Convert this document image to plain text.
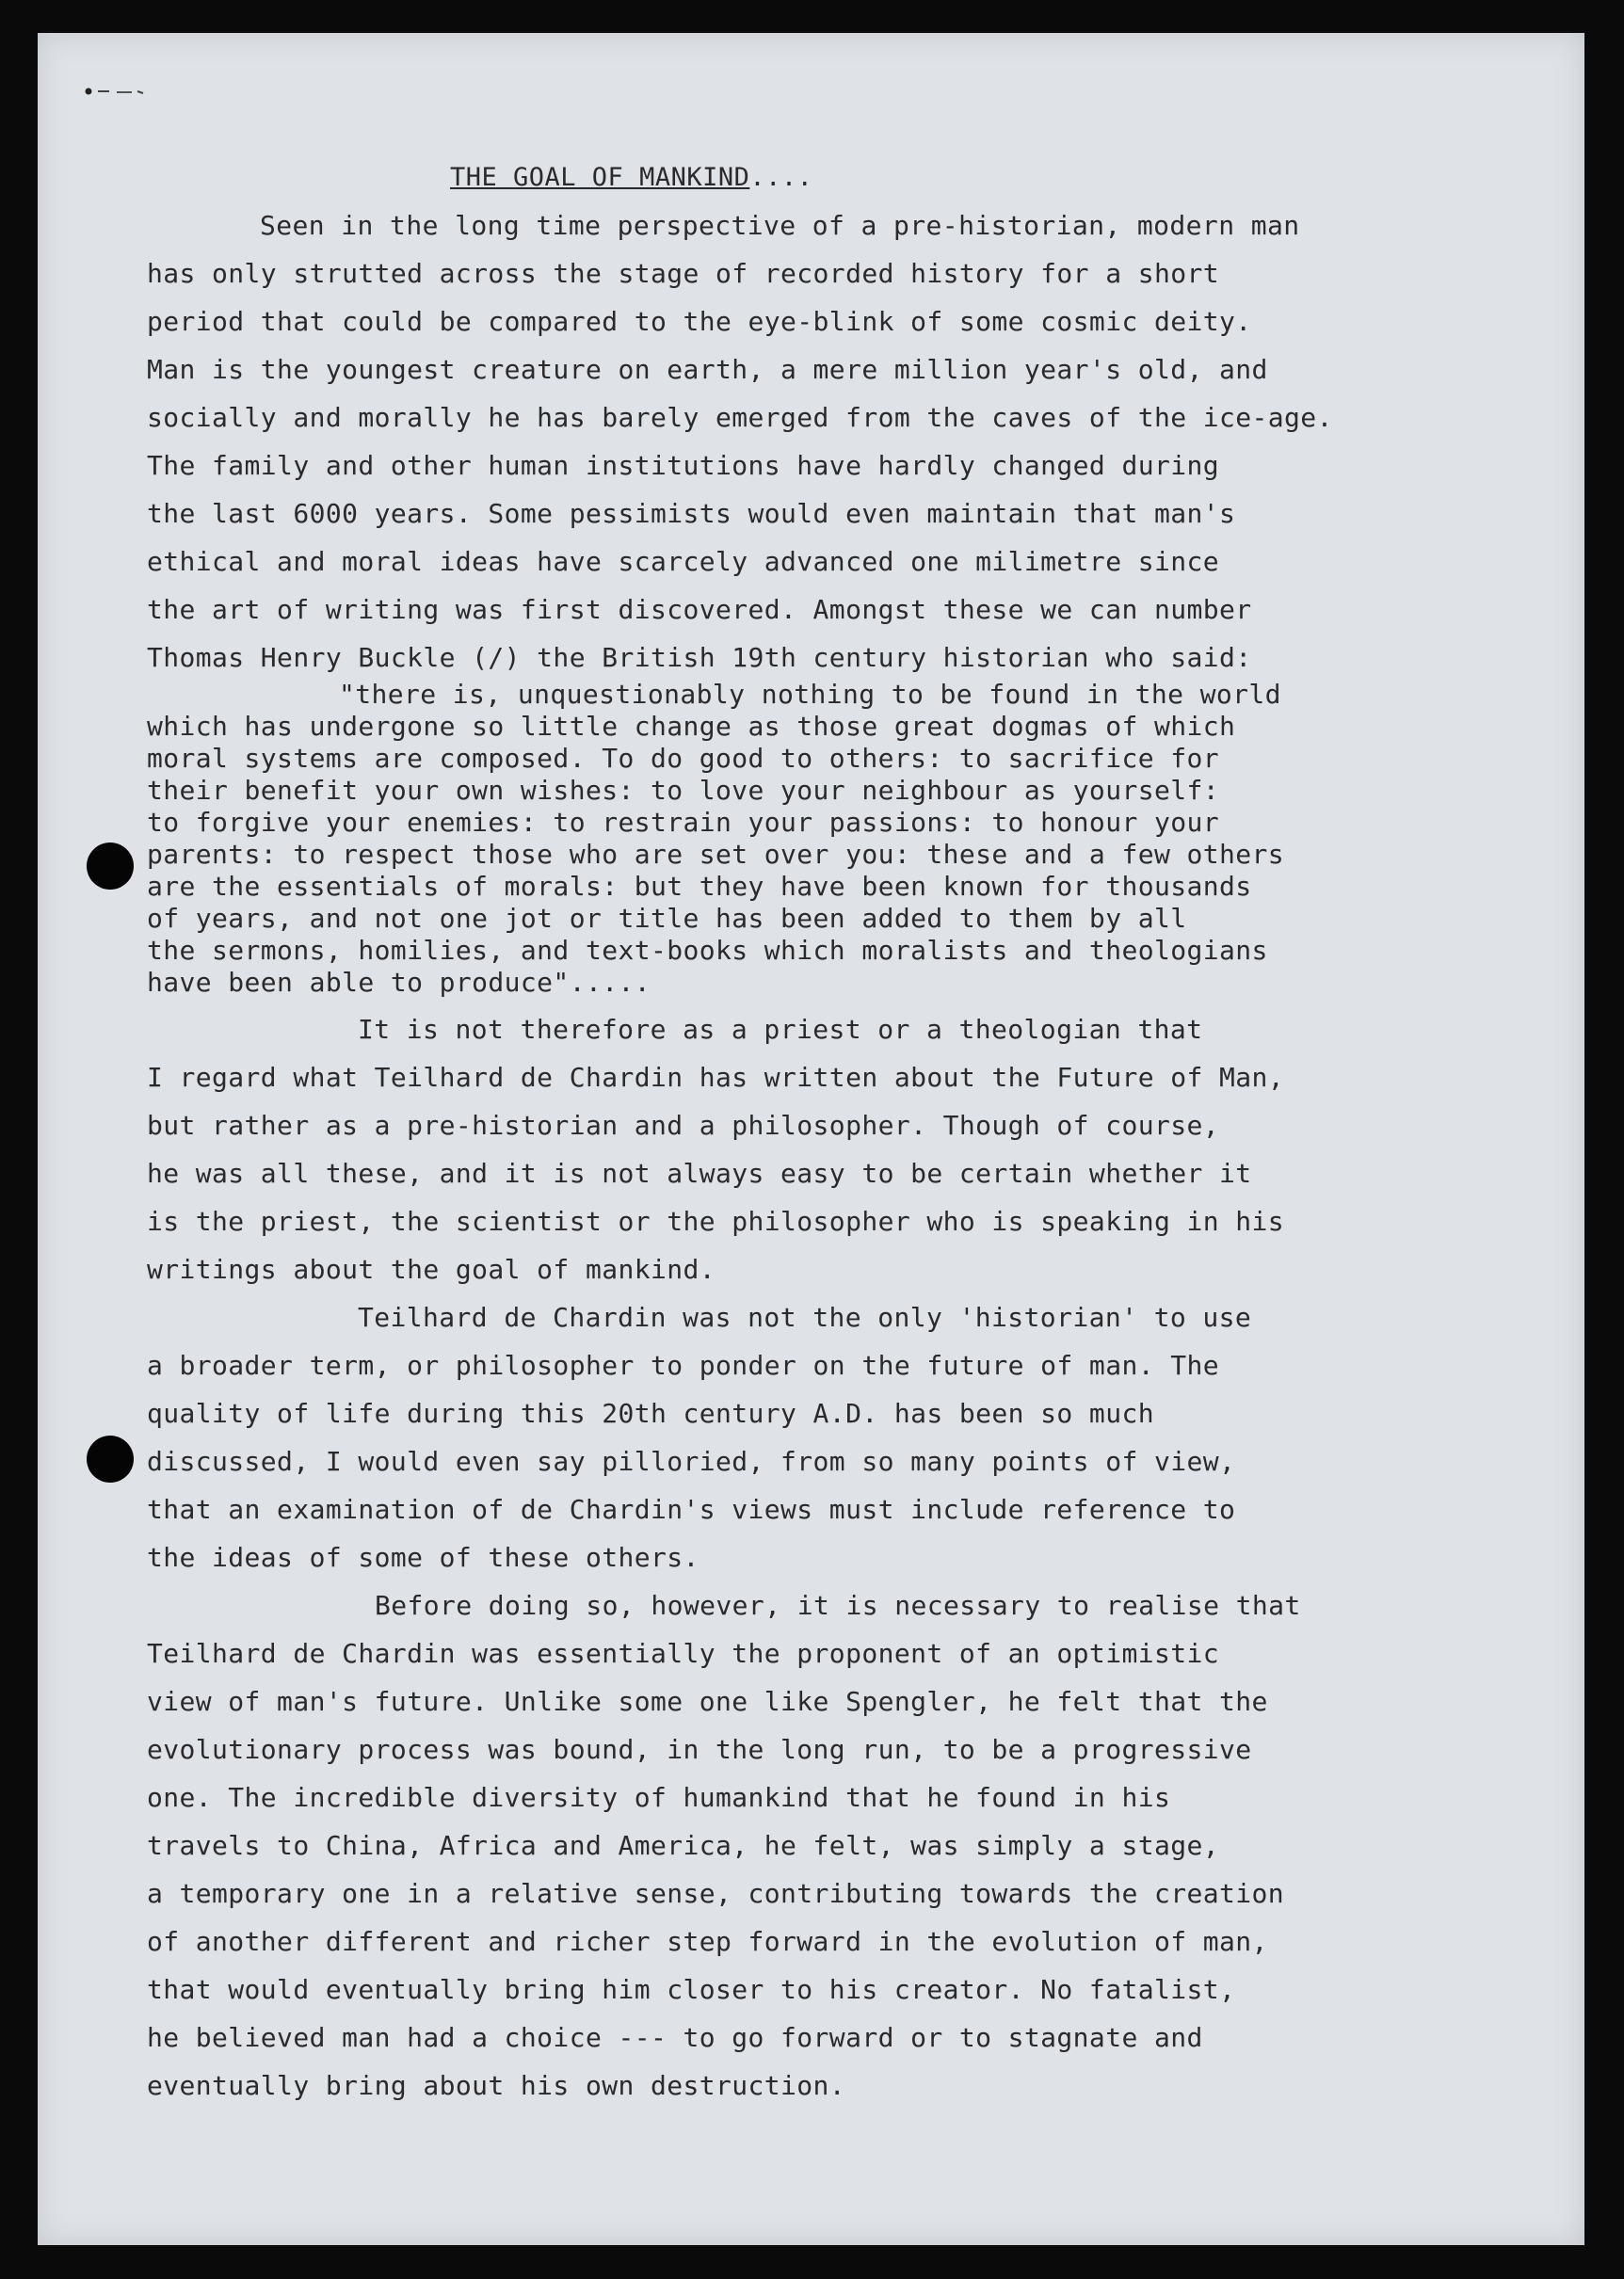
THE GOAL OF MANKIND....
Seen in the long time perspective of a pre-historian, modern man
has only strutted across the stage of recorded history for a short
period that could be compared to the eye-blink of some cosmic deity.
Man is the youngest creature on earth, a mere million year's old, and
socially and morally he has barely emerged from the caves of the ice-age.
The family and other human institutions have hardly changed during
the last 6000 years. Some pessimists would even maintain that man's
ethical and moral ideas have scarcely advanced one milimetre since
the art of writing was first discovered. Amongst these we can number
Thomas Henry Buckle (/) the British 19th century historian who said:
"there is, unquestionably nothing to be found in the world
which has undergone so little change as those great dogmas of which
moral systems are composed. To do good to others: to sacrifice for
their benefit your own wishes: to love your neighbour as yourself:
to forgive your enemies: to restrain your passions: to honour your
parents: to respect those who are set over you: these and a few others
are the essentials of morals: but they have been known for thousands
of years, and not one jot or title has been added to them by all
the sermons, homilies, and text-books which moralists and theologians
have been able to produce".....
It is not therefore as a priest or a theologian that
I regard what Teilhard de Chardin has written about the Future of Man,
but rather as a pre-historian and a philosopher. Though of course,
he was all these, and it is not always easy to be certain whether it
is the priest, the scientist or the philosopher who is speaking in his
writings about the goal of mankind.
Teilhard de Chardin was not the only 'historian' to use
a broader term, or philosopher to ponder on the future of man. The
quality of life during this 20th century A.D. has been so much
discussed, I would even say pilloried, from so many points of view,
that an examination of de Chardin's views must include reference to
the ideas of some of these others.
Before doing so, however, it is necessary to realise that
Teilhard de Chardin was essentially the proponent of an optimistic
view of man's future. Unlike some one like Spengler, he felt that the
evolutionary process was bound, in the long run, to be a progressive
one. The incredible diversity of humankind that he found in his
travels to China, Africa and America, he felt, was simply a stage,
a temporary one in a relative sense, contributing towards the creation
of another different and richer step forward in the evolution of man,
that would eventually bring him closer to his creator. No fatalist,
he believed man had a choice --- to go forward or to stagnate and
eventually bring about his own destruction.
